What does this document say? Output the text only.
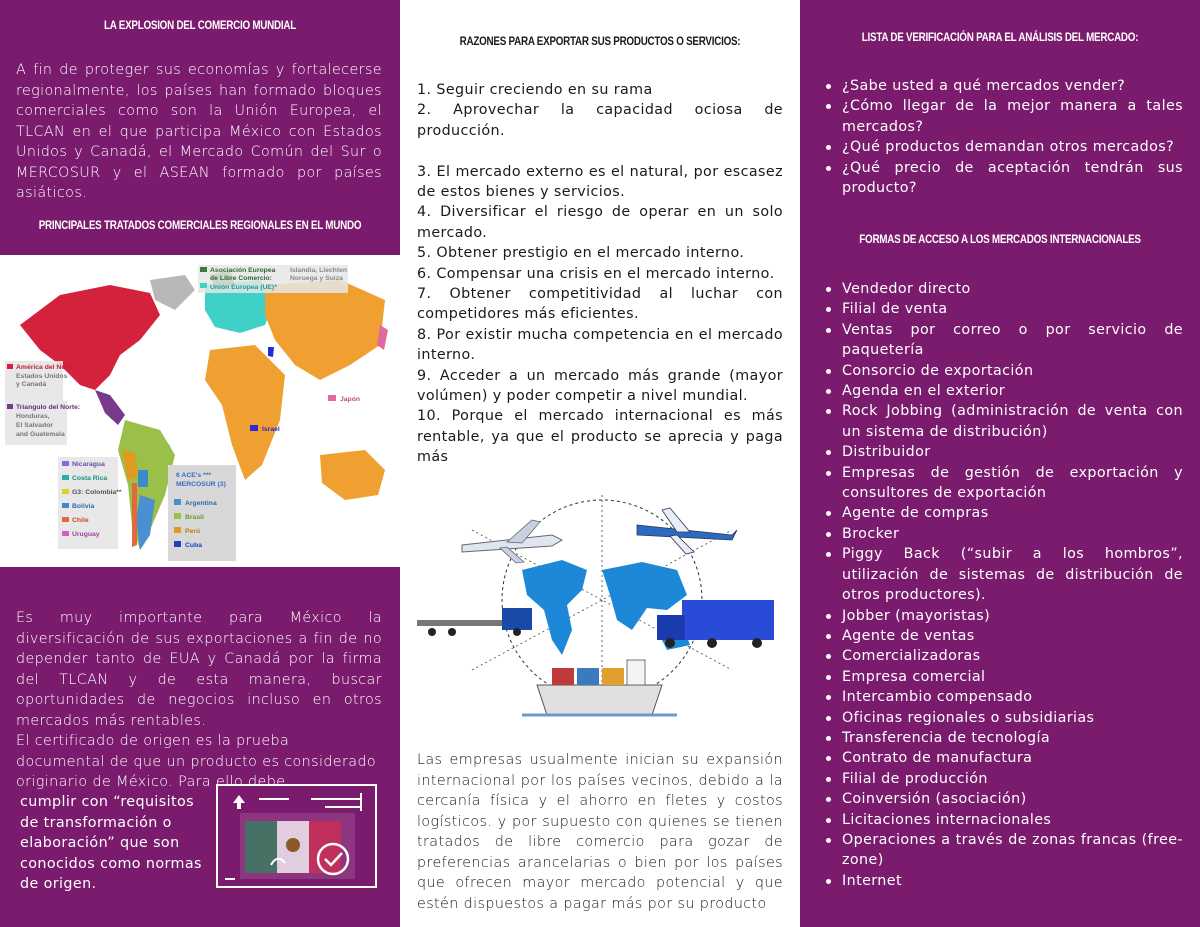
LA EXPLOSION DEL COMERCIO MUNDIAL
A fin de proteger sus economías y fortalecerse regionalmente, los países han formado bloques comerciales como son la Unión Europea, el TLCAN en el que participa México con Estados Unidos y Canadá, el Mercado Común del Sur o MERCOSUR y el ASEAN formado por países asiáticos.
PRINCIPALES TRATADOS COMERCIALES REGIONALES EN EL MUNDO
Asociación Europea
de Libre Comercio:
Islandia, Liechten
Noruega y Suiza
Unión Europea (UE)*
América del Norte:
Estados Unidos
y Canadá
Triangulo del Norte:
Honduras,
El Salvador
and Guatemala
Japón
Israel
Nicaragua
Costa Rica
G3: Colombia**
Bolivia
Chile
Uruguay
6 ACE's ***
MERCOSUR (3)
Argentina
Brasil
Perú
Cuba
Es muy importante para México la diversificación de sus exportaciones a fin de no depender tanto de EUA y Canadá por la firma del TLCAN y de esta manera, buscar oportunidades de negocios incluso en otros mercados más rentables.
El certificado de origen es la prueba documental de que un producto es considerado originario de México. Para ello debe
cumplir con “requisitos
de transformación o
elaboración” que son
conocidos como normas
de origen.
RAZONES PARA EXPORTAR SUS PRODUCTOS O SERVICIOS:
1. Seguir creciendo en su rama
2. Aprovechar la capacidad ociosa de producción.
3. El mercado externo es el natural, por escasez de estos bienes y servicios.
4. Diversificar el riesgo de operar en un solo mercado.
5. Obtener prestigio en el mercado interno.
6. Compensar una crisis en el mercado interno.
7. Obtener competitividad al luchar con competidores más eficientes.
8. Por existir mucha competencia en el mercado interno.
9. Acceder a un mercado más grande (mayor volúmen) y poder competir a nivel mundial.
10. Porque el mercado internacional es más rentable, ya que el producto se aprecia y paga más
Las empresas usualmente inician su expansión internacional por los países vecinos, debido a la cercanía física y el ahorro en fletes y costos logísticos. y por supuesto con quienes se tienen tratados de libre comercio para gozar de preferencias arancelarias o bien por los países que ofrecen mayor mercado potencial y que estén dispuestos a pagar más por su producto
LISTA DE VERIFICACIÓN PARA EL ANÁLISIS DEL MERCADO:
¿Sabe usted a qué mercados vender?
¿Cómo llegar de la mejor manera a tales mercados?
¿Qué productos demandan otros mercados?
¿Qué precio de aceptación tendrán sus producto?
FORMAS DE ACCESO A LOS MERCADOS INTERNACIONALES
Vendedor directo
Filial de venta
Ventas por correo o por servicio de paquetería
Consorcio de exportación
Agenda en el exterior
Rock Jobbing (administración de venta con un sistema de distribución)
Distribuidor
Empresas de gestión de exportación y consultores de exportación
Agente de compras
Brocker
Piggy Back (“subir a los hombros”, utilización de sistemas de distribución de otros productores).
Jobber (mayoristas)
Agente de ventas
Comercializadoras
Empresa comercial
Intercambio compensado
Oficinas regionales o subsidiarias
Transferencia de tecnología
Contrato de manufactura
Filial de producción
Coinversión (asociación)
Licitaciones internacionales
Operaciones a través de zonas francas (free-zone)
Internet
